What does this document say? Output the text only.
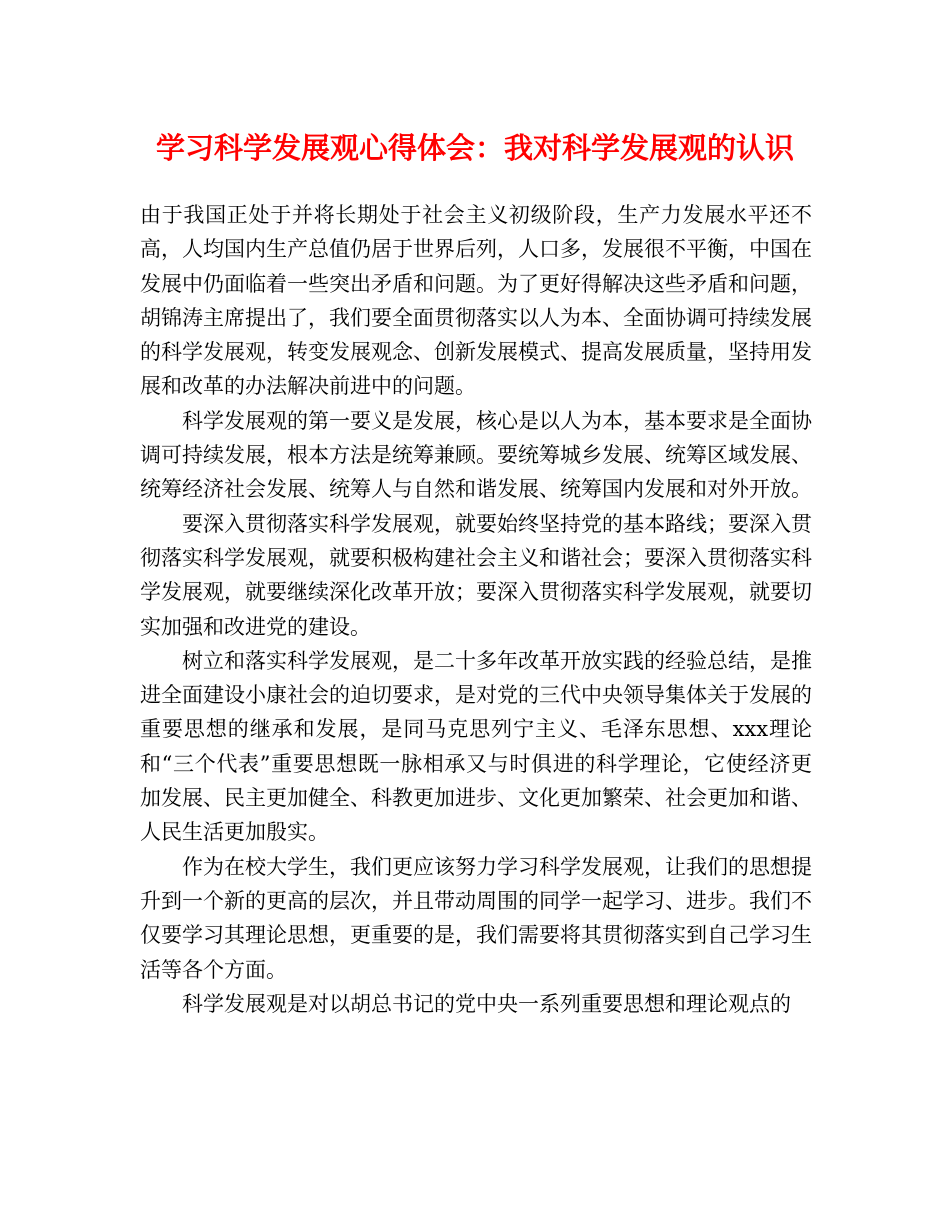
学习科学发展观心得体会：我对科学发展观的认识

由于我国正处于并将长期处于社会主义初级阶段，生产力发展水平还不高，人均国内生产总值仍居于世界后列，人口多，发展很不平衡，中国在发展中仍面临着一些突出矛盾和问题。为了更好得解决这些矛盾和问题，胡锦涛主席提出了，我们要全面贯彻落实以人为本、全面协调可持续发展的科学发展观，转变发展观念、创新发展模式、提高发展质量，坚持用发展和改革的办法解决前进中的问题。

科学发展观的第一要义是发展，核心是以人为本，基本要求是全面协调可持续发展，根本方法是统筹兼顾。要统筹城乡发展、统筹区域发展、统筹经济社会发展、统筹人与自然和谐发展、统筹国内发展和对外开放。

要深入贯彻落实科学发展观，就要始终坚持党的基本路线；要深入贯彻落实科学发展观，就要积极构建社会主义和谐社会；要深入贯彻落实科学发展观，就要继续深化改革开放；要深入贯彻落实科学发展观，就要切实加强和改进党的建设。

树立和落实科学发展观，是二十多年改革开放实践的经验总结，是推进全面建设小康社会的迫切要求，是对党的三代中央领导集体关于发展的重要思想的继承和发展，是同马克思列宁主义、毛泽东思想、xxx理论和“三个代表”重要思想既一脉相承又与时俱进的科学理论，它使经济更加发展、民主更加健全、科教更加进步、文化更加繁荣、社会更加和谐、人民生活更加殷实。

作为在校大学生，我们更应该努力学习科学发展观，让我们的思想提升到一个新的更高的层次，并且带动周围的同学一起学习、进步。我们不仅要学习其理论思想，更重要的是，我们需要将其贯彻落实到自己学习生活等各个方面。

科学发展观是对以胡总书记的党中央一系列重要思想和理论观点的
